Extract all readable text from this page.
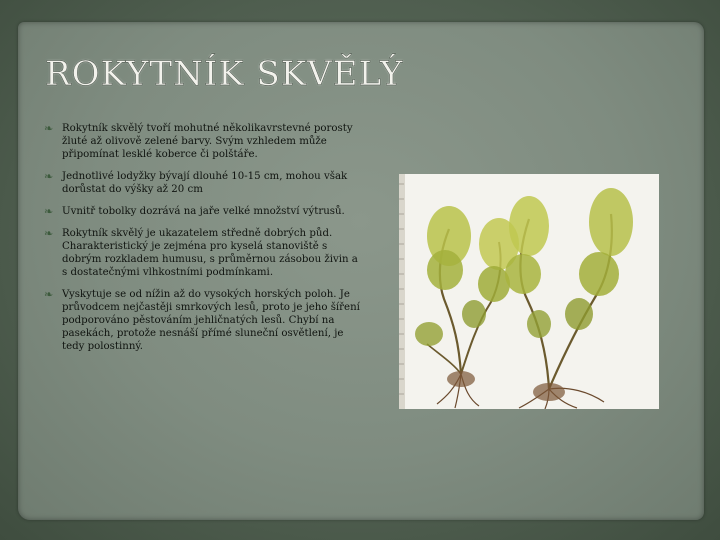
ROKYTNÍK SKVĚLÝ
❧ Rokytník skvělý tvoří mohutné několikavrstevné porosty žluté až olivově zelené barvy. Svým vzhledem může připomínat lesklé koberce či polštáře.
❧ Jednotlivé lodyžky bývají dlouhé 10-15 cm, mohou však dorůstat do výšky až 20 cm
❧ Uvnitř tobolky dozrává na jaře velké množství výtrusů.
❧ Rokytník skvělý je ukazatelem středně dobrých půd. Charakteristický je zejména pro kyselá stanoviště s dobrým rozkladem humusu, s průměrnou zásobou živin a s dostatečnými vlhkostními podmínkami.
❧ Vyskytuje se od nížin až do vysokých horských poloh. Je průvodcem nejčastěji smrkových lesů, proto je jeho šíření podporováno pěstováním jehličnatých lesů. Chybí na pasekách, protože nesnáší přímé sluneční osvětlení, je tedy polostinný.
